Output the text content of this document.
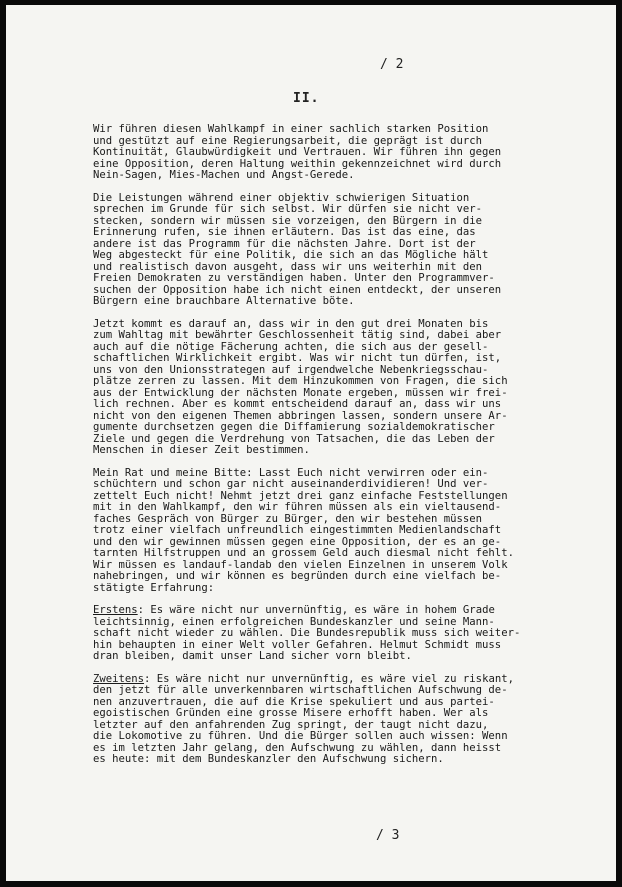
/ 2
II.
Wir führen diesen Wahlkampf in einer sachlich starken Position
und gestützt auf eine Regierungsarbeit, die geprägt ist durch
Kontinuität, Glaubwürdigkeit und Vertrauen. Wir führen ihn gegen
eine Opposition, deren Haltung weithin gekennzeichnet wird durch
Nein-Sagen, Mies-Machen und Angst-Gerede.
Die Leistungen während einer objektiv schwierigen Situation
sprechen im Grunde für sich selbst. Wir dürfen sie nicht ver-
stecken, sondern wir müssen sie vorzeigen, den Bürgern in die
Erinnerung rufen, sie ihnen erläutern. Das ist das eine, das
andere ist das Programm für die nächsten Jahre. Dort ist der
Weg abgesteckt für eine Politik, die sich an das Mögliche hält
und realistisch davon ausgeht, dass wir uns weiterhin mit den
Freien Demokraten zu verständigen haben. Unter den Programmver-
suchen der Opposition habe ich nicht einen entdeckt, der unseren
Bürgern eine brauchbare Alternative böte.
Jetzt kommt es darauf an, dass wir in den gut drei Monaten bis
zum Wahltag mit bewährter Geschlossenheit tätig sind, dabei aber
auch auf die nötige Fächerung achten, die sich aus der gesell-
schaftlichen Wirklichkeit ergibt. Was wir nicht tun dürfen, ist,
uns von den Unionsstrategen auf irgendwelche Nebenkriegsschau-
plätze zerren zu lassen. Mit dem Hinzukommen von Fragen, die sich
aus der Entwicklung der nächsten Monate ergeben, müssen wir frei-
lich rechnen. Aber es kommt entscheidend darauf an, dass wir uns
nicht von den eigenen Themen abbringen lassen, sondern unsere Ar-
gumente durchsetzen gegen die Diffamierung sozialdemokratischer
Ziele und gegen die Verdrehung von Tatsachen, die das Leben der
Menschen in dieser Zeit bestimmen.
Mein Rat und meine Bitte: Lasst Euch nicht verwirren oder ein-
schüchtern und schon gar nicht auseinanderdividieren! Und ver-
zettelt Euch nicht! Nehmt jetzt drei ganz einfache Feststellungen
mit in den Wahlkampf, den wir führen müssen als ein vieltausend-
faches Gespräch von Bürger zu Bürger, den wir bestehen müssen
trotz einer vielfach unfreundlich eingestimmten Medienlandschaft
und den wir gewinnen müssen gegen eine Opposition, der es an ge-
tarnten Hilfstruppen und an grossem Geld auch diesmal nicht fehlt.
Wir müssen es landauf-landab den vielen Einzelnen in unserem Volk
nahebringen, und wir können es begründen durch eine vielfach be-
stätigte Erfahrung:
Erstens: Es wäre nicht nur unvernünftig, es wäre in hohem Grade
leichtsinnig, einen erfolgreichen Bundeskanzler und seine Mann-
schaft nicht wieder zu wählen. Die Bundesrepublik muss sich weiter-
hin behaupten in einer Welt voller Gefahren. Helmut Schmidt muss
dran bleiben, damit unser Land sicher vorn bleibt.
Zweitens: Es wäre nicht nur unvernünftig, es wäre viel zu riskant,
den jetzt für alle unverkennbaren wirtschaftlichen Aufschwung de-
nen anzuvertrauen, die auf die Krise spekuliert und aus partei-
egoistischen Gründen eine grosse Misere erhofft haben. Wer als
letzter auf den anfahrenden Zug springt, der taugt nicht dazu,
die Lokomotive zu führen. Und die Bürger sollen auch wissen: Wenn
es im letzten Jahr gelang, den Aufschwung zu wählen, dann heisst
es heute: mit dem Bundeskanzler den Aufschwung sichern.
/ 3
